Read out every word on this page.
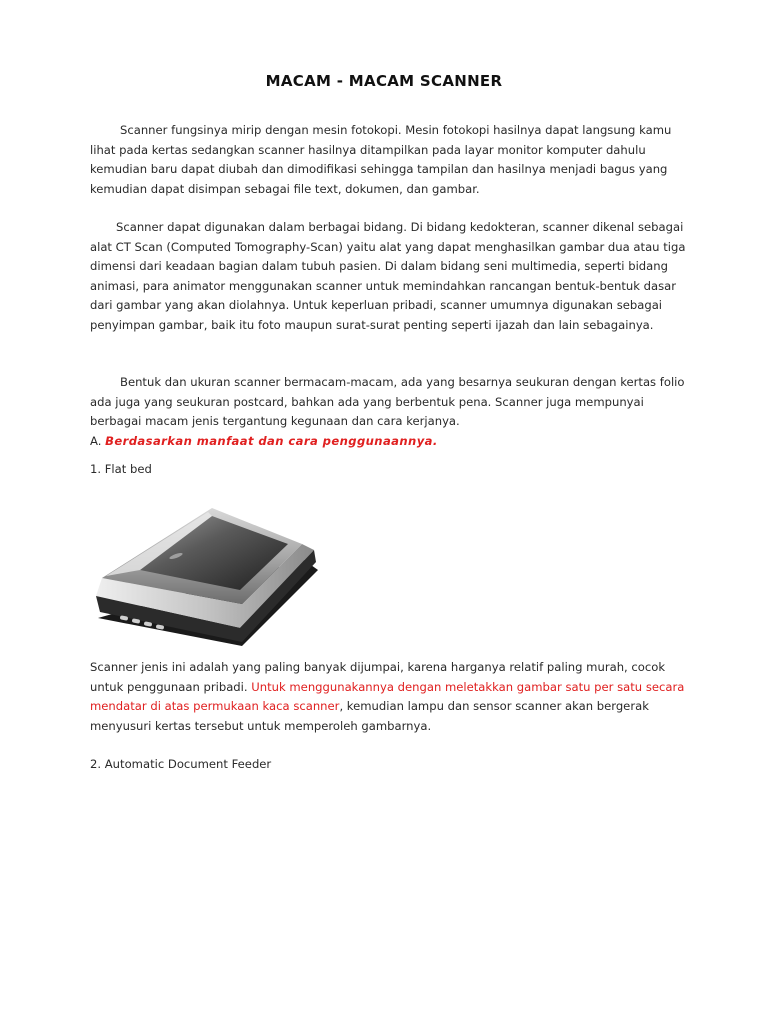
MACAM - MACAM SCANNER

Scanner fungsinya mirip dengan mesin fotokopi. Mesin fotokopi hasilnya dapat langsung kamu lihat pada kertas sedangkan scanner hasilnya ditampilkan pada layar monitor komputer dahulu kemudian baru dapat diubah dan dimodifikasi sehingga tampilan dan hasilnya menjadi bagus yang kemudian dapat disimpan sebagai file text, dokumen, dan gambar.

Scanner dapat digunakan dalam berbagai bidang. Di bidang kedokteran, scanner dikenal sebagai alat CT Scan (Computed Tomography-Scan) yaitu alat yang dapat menghasilkan gambar dua atau tiga dimensi dari keadaan bagian dalam tubuh pasien. Di dalam bidang seni multimedia, seperti bidang animasi, para animator menggunakan scanner untuk memindahkan rancangan bentuk-bentuk dasar dari gambar yang akan diolahnya. Untuk keperluan pribadi, scanner umumnya digunakan sebagai penyimpan gambar, baik itu foto maupun surat-surat penting seperti ijazah dan lain sebagainya.

Bentuk dan ukuran scanner bermacam-macam, ada yang besarnya seukuran dengan kertas folio ada juga yang seukuran postcard, bahkan ada yang berbentuk pena. Scanner juga mempunyai berbagai macam jenis tergantung kegunaan dan cara kerjanya.
A. Berdasarkan manfaat dan cara penggunaannya.

1. Flat bed

Scanner jenis ini adalah yang paling banyak dijumpai, karena harganya relatif paling murah, cocok untuk penggunaan pribadi. Untuk menggunakannya dengan meletakkan gambar satu per satu secara mendatar di atas permukaan kaca scanner, kemudian lampu dan sensor scanner akan bergerak menyusuri kertas tersebut untuk memperoleh gambarnya.

2. Automatic Document Feeder
